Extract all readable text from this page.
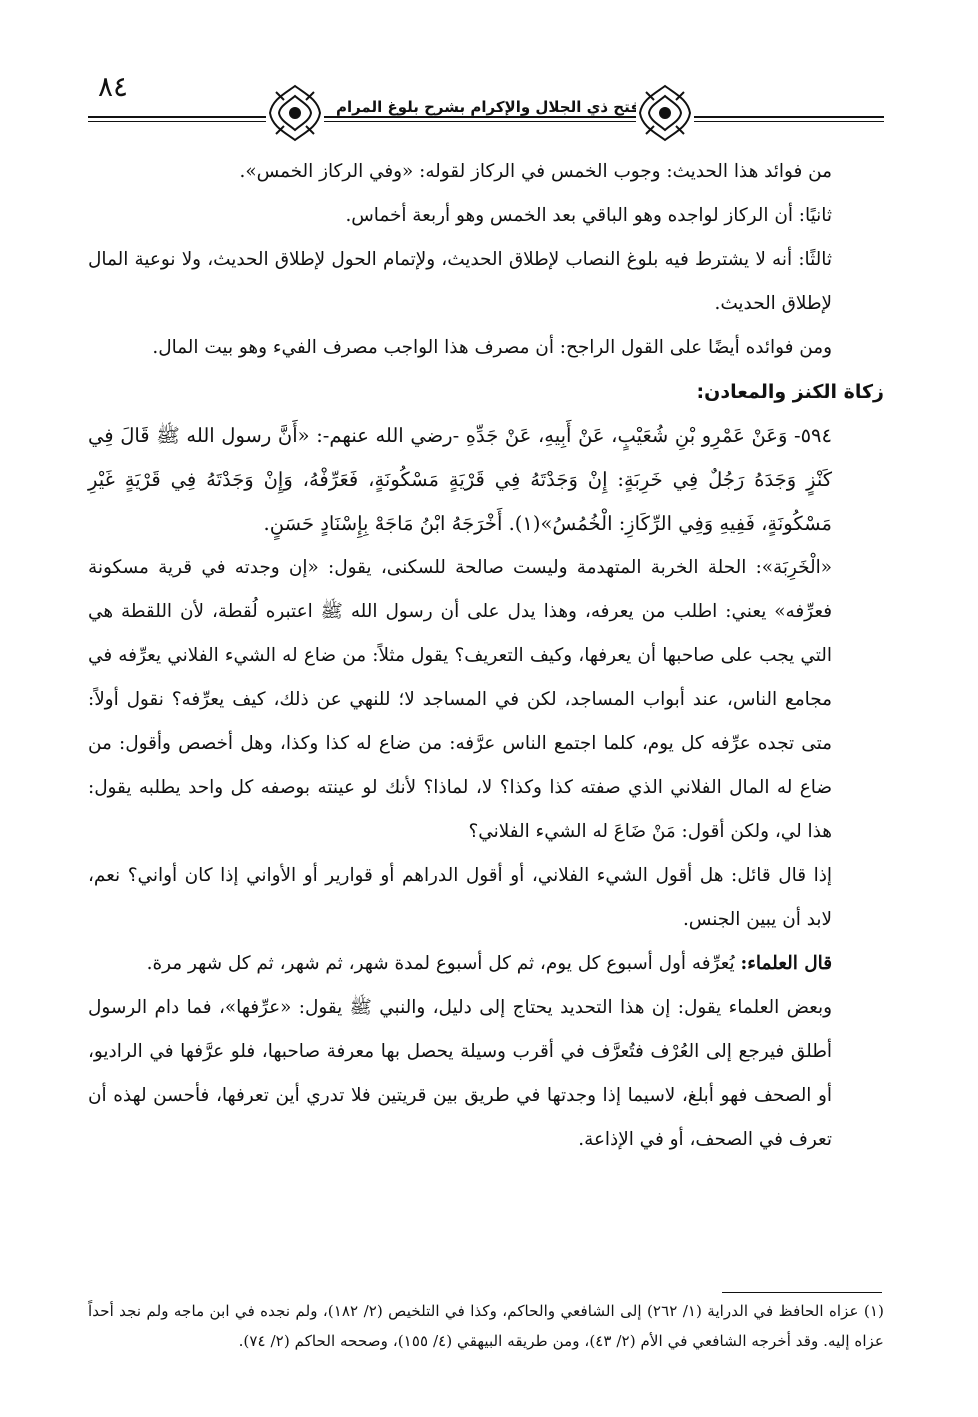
٨٤
فتح ذي الجلال والإكرام بشرح بلوغ المرام

من فوائد هذا الحديث: وجوب الخمس في الركاز لقوله: «وفي الركاز الخمس».

ثانيًا: أن الركاز لواجده وهو الباقي بعد الخمس وهو أربعة أخماس.

ثالثًا: أنه لا يشترط فيه بلوغ النصاب لإطلاق الحديث، ولإتمام الحول لإطلاق الحديث، ولا نوعية المال لإطلاق الحديث.

ومن فوائده أيضًا على القول الراجح: أن مصرف هذا الواجب مصرف الفيء وهو بيت المال.

زكاة الكنز والمعادن:

٥٩٤- وَعَنْ عَمْرِو بْنِ شُعَيْبٍ، عَنْ أَبِيهِ، عَنْ جَدِّهِ -رضي الله عنهم-: «أَنَّ رسول الله ﷺ قَالَ فِي كَنْزٍ وَجَدَهُ رَجُلٌ فِي خَرِبَةٍ: إِنْ وَجَدْتَهُ فِي قَرْيَةٍ مَسْكُونَةٍ، فَعَرِّفْهُ، وَإِنْ وَجَدْتَهُ فِي قَرْيَةٍ غَيْرِ مَسْكُونَةٍ، فَفِيهِ وَفِي الرِّكَازِ: الْخُمُسُ»(١). أَخْرَجَهُ ابْنُ مَاجَهْ بِإِسْنَادٍ حَسَنٍ.

«الْخَرِبَة»: الحلة الخربة المتهدمة وليست صالحة للسكنى، يقول: «إن وجدته في قرية مسكونة فعرِّفه» يعني: اطلب من يعرفه، وهذا يدل على أن رسول الله ﷺ اعتبره لُقطة، لأن اللقطة هي التي يجب على صاحبها أن يعرفها، وكيف التعريف؟ يقول مثلاً: من ضاع له الشيء الفلاني يعرِّفه في مجامع الناس، عند أبواب المساجد، لكن في المساجد لا؛ للنهي عن ذلك، كيف يعرِّفه؟ نقول أولاً: متى تجده عرِّفه كل يوم، كلما اجتمع الناس عرَّفه: من ضاع له كذا وكذا، وهل أخصص وأقول: من ضاع له المال الفلاني الذي صفته كذا وكذا؟ لا، لماذا؟ لأنك لو عينته بوصفه كل واحد يطلبه يقول: هذا لي، ولكن أقول: مَنْ ضَاعَ له الشيء الفلاني؟

إذا قال قائل: هل أقول الشيء الفلاني، أو أقول الدراهم أو قوارير أو الأواني إذا كان أواني؟ نعم، لابد أن يبين الجنس.

قال العلماء: يُعرِّفه أول أسبوع كل يوم، ثم كل أسبوع لمدة شهر، ثم شهر، ثم كل شهر مرة.

وبعض العلماء يقول: إن هذا التحديد يحتاج إلى دليل، والنبي ﷺ يقول: «عرِّفها»، فما دام الرسول أطلق فيرجع إلى العُرْف فتُعرَّف في أقرب وسيلة يحصل بها معرفة صاحبها، فلو عرَّفها في الراديو، أو الصحف فهو أبلغ، لاسيما إذا وجدتها في طريق بين قريتين فلا تدري أين تعرفها، فأحسن لهذه أن تعرف في الصحف، أو في الإذاعة.

(١) عزاه الحافظ في الدراية (١/ ٢٦٢) إلى الشافعي والحاكم، وكذا في التلخيص (٢/ ١٨٢)، ولم نجده في ابن ماجه ولم نجد أحداً عزاه إليه. وقد أخرجه الشافعي في الأم (٢/ ٤٣)، ومن طريقه البيهقي (٤/ ١٥٥)، وصححه الحاكم (٢/ ٧٤).
